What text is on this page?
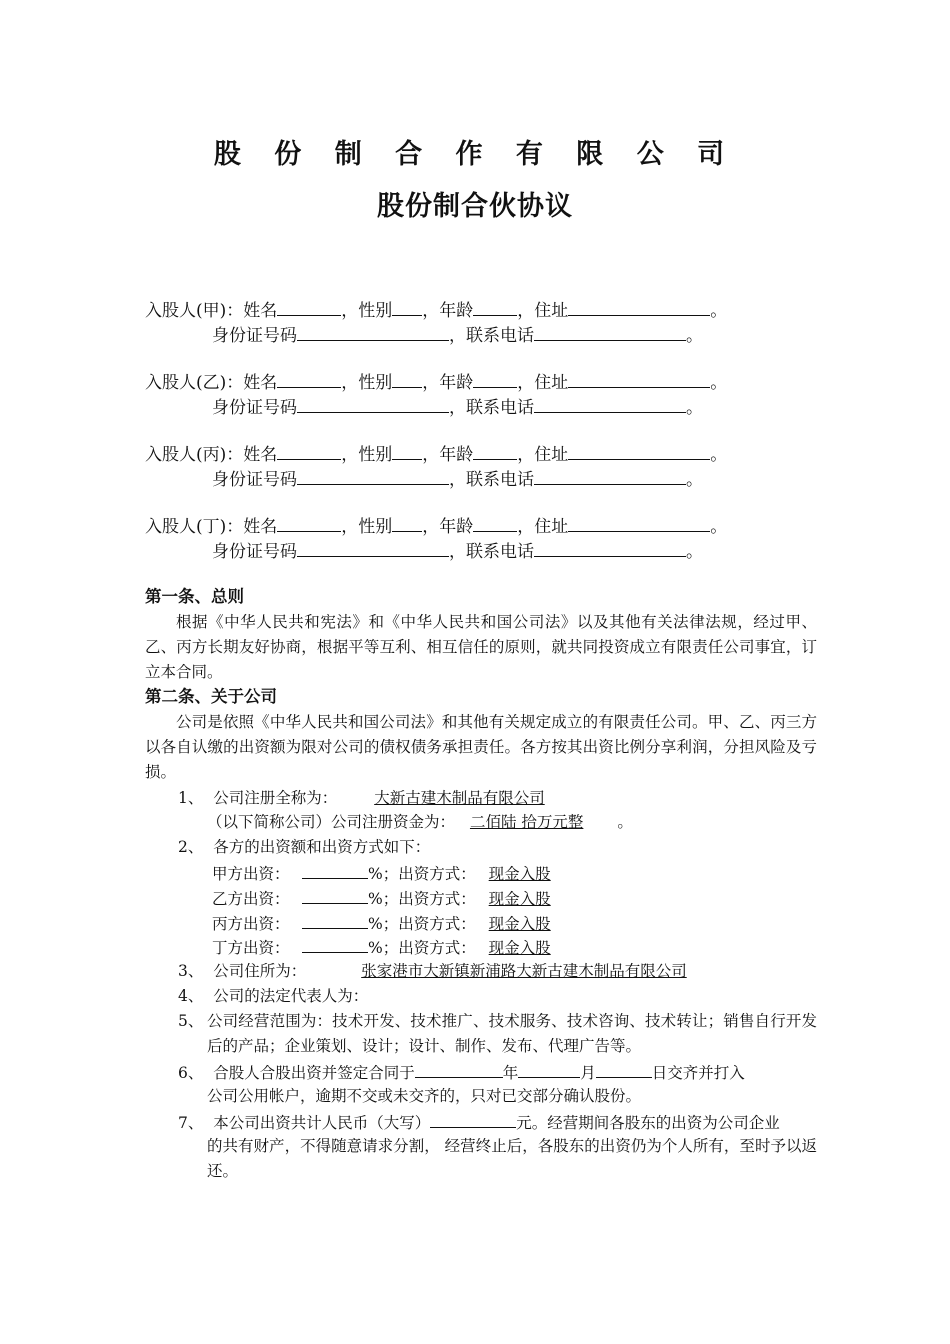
股 份 制 合 作 有 限 公 司
股份制合伙协议
入股人(甲)：姓名	，性别 ，年龄	，住址	。
身份证号码	，联系电话	。
入股人(乙)：姓名	，性别 ，年龄	，住址	。
身份证号码	，联系电话	。
入股人(丙)：姓名	，性别 ，年龄	，住址	。
身份证号码	，联系电话	。
入股人(丁)：姓名	，性别 ，年龄	，住址	。
身份证号码	，联系电话	。
第一条、总则
根据《中华人民共和宪法》和《中华人民共和国公司法》以及其他有关法律法规，经过甲、乙、丙方长期友好协商，根据平等互利、相互信任的原则，就共同投资成立有限责任公司事宜，订立本合同。
第二条、关于公司
公司是依照《中华人民共和国公司法》和其他有关规定成立的有限责任公司。甲、乙、丙三方以各自认缴的出资额为限对公司的债权债务承担责任。各方按其出资比例分享利润，分担风险及亏损。
1、 公司注册全称为： 大新古建木制品有限公司
（以下简称公司）公司注册资金为： 二佰陆 拾万元整 。
2、 各方的出资额和出资方式如下：
甲方出资：	%；出资方式： 现金入股
乙方出资：	%；出资方式： 现金入股
丙方出资：	%；出资方式： 现金入股
丁方出资：	%；出资方式： 现金入股
3、 公司住所为：	张家港市大新镇新浦路大新古建木制品有限公司
4、 公司的法定代表人为：
5、 公司经营范围为：技术开发、技术推广、技术服务、技术咨询、技术转让；销售自行开发后的产品；企业策划、设计；设计、制作、发布、代理广告等。
6、 合股人合股出资并签定合同于	年	月	日交齐并打入
公司公用帐户，逾期不交或未交齐的，只对已交部分确认股份。
7、 本公司出资共计人民币（大写）	元。经营期间各股东的出资为公司企业
的共有财产，不得随意请求分割， 经营终止后，各股东的出资仍为个人所有，至时予以返还。
